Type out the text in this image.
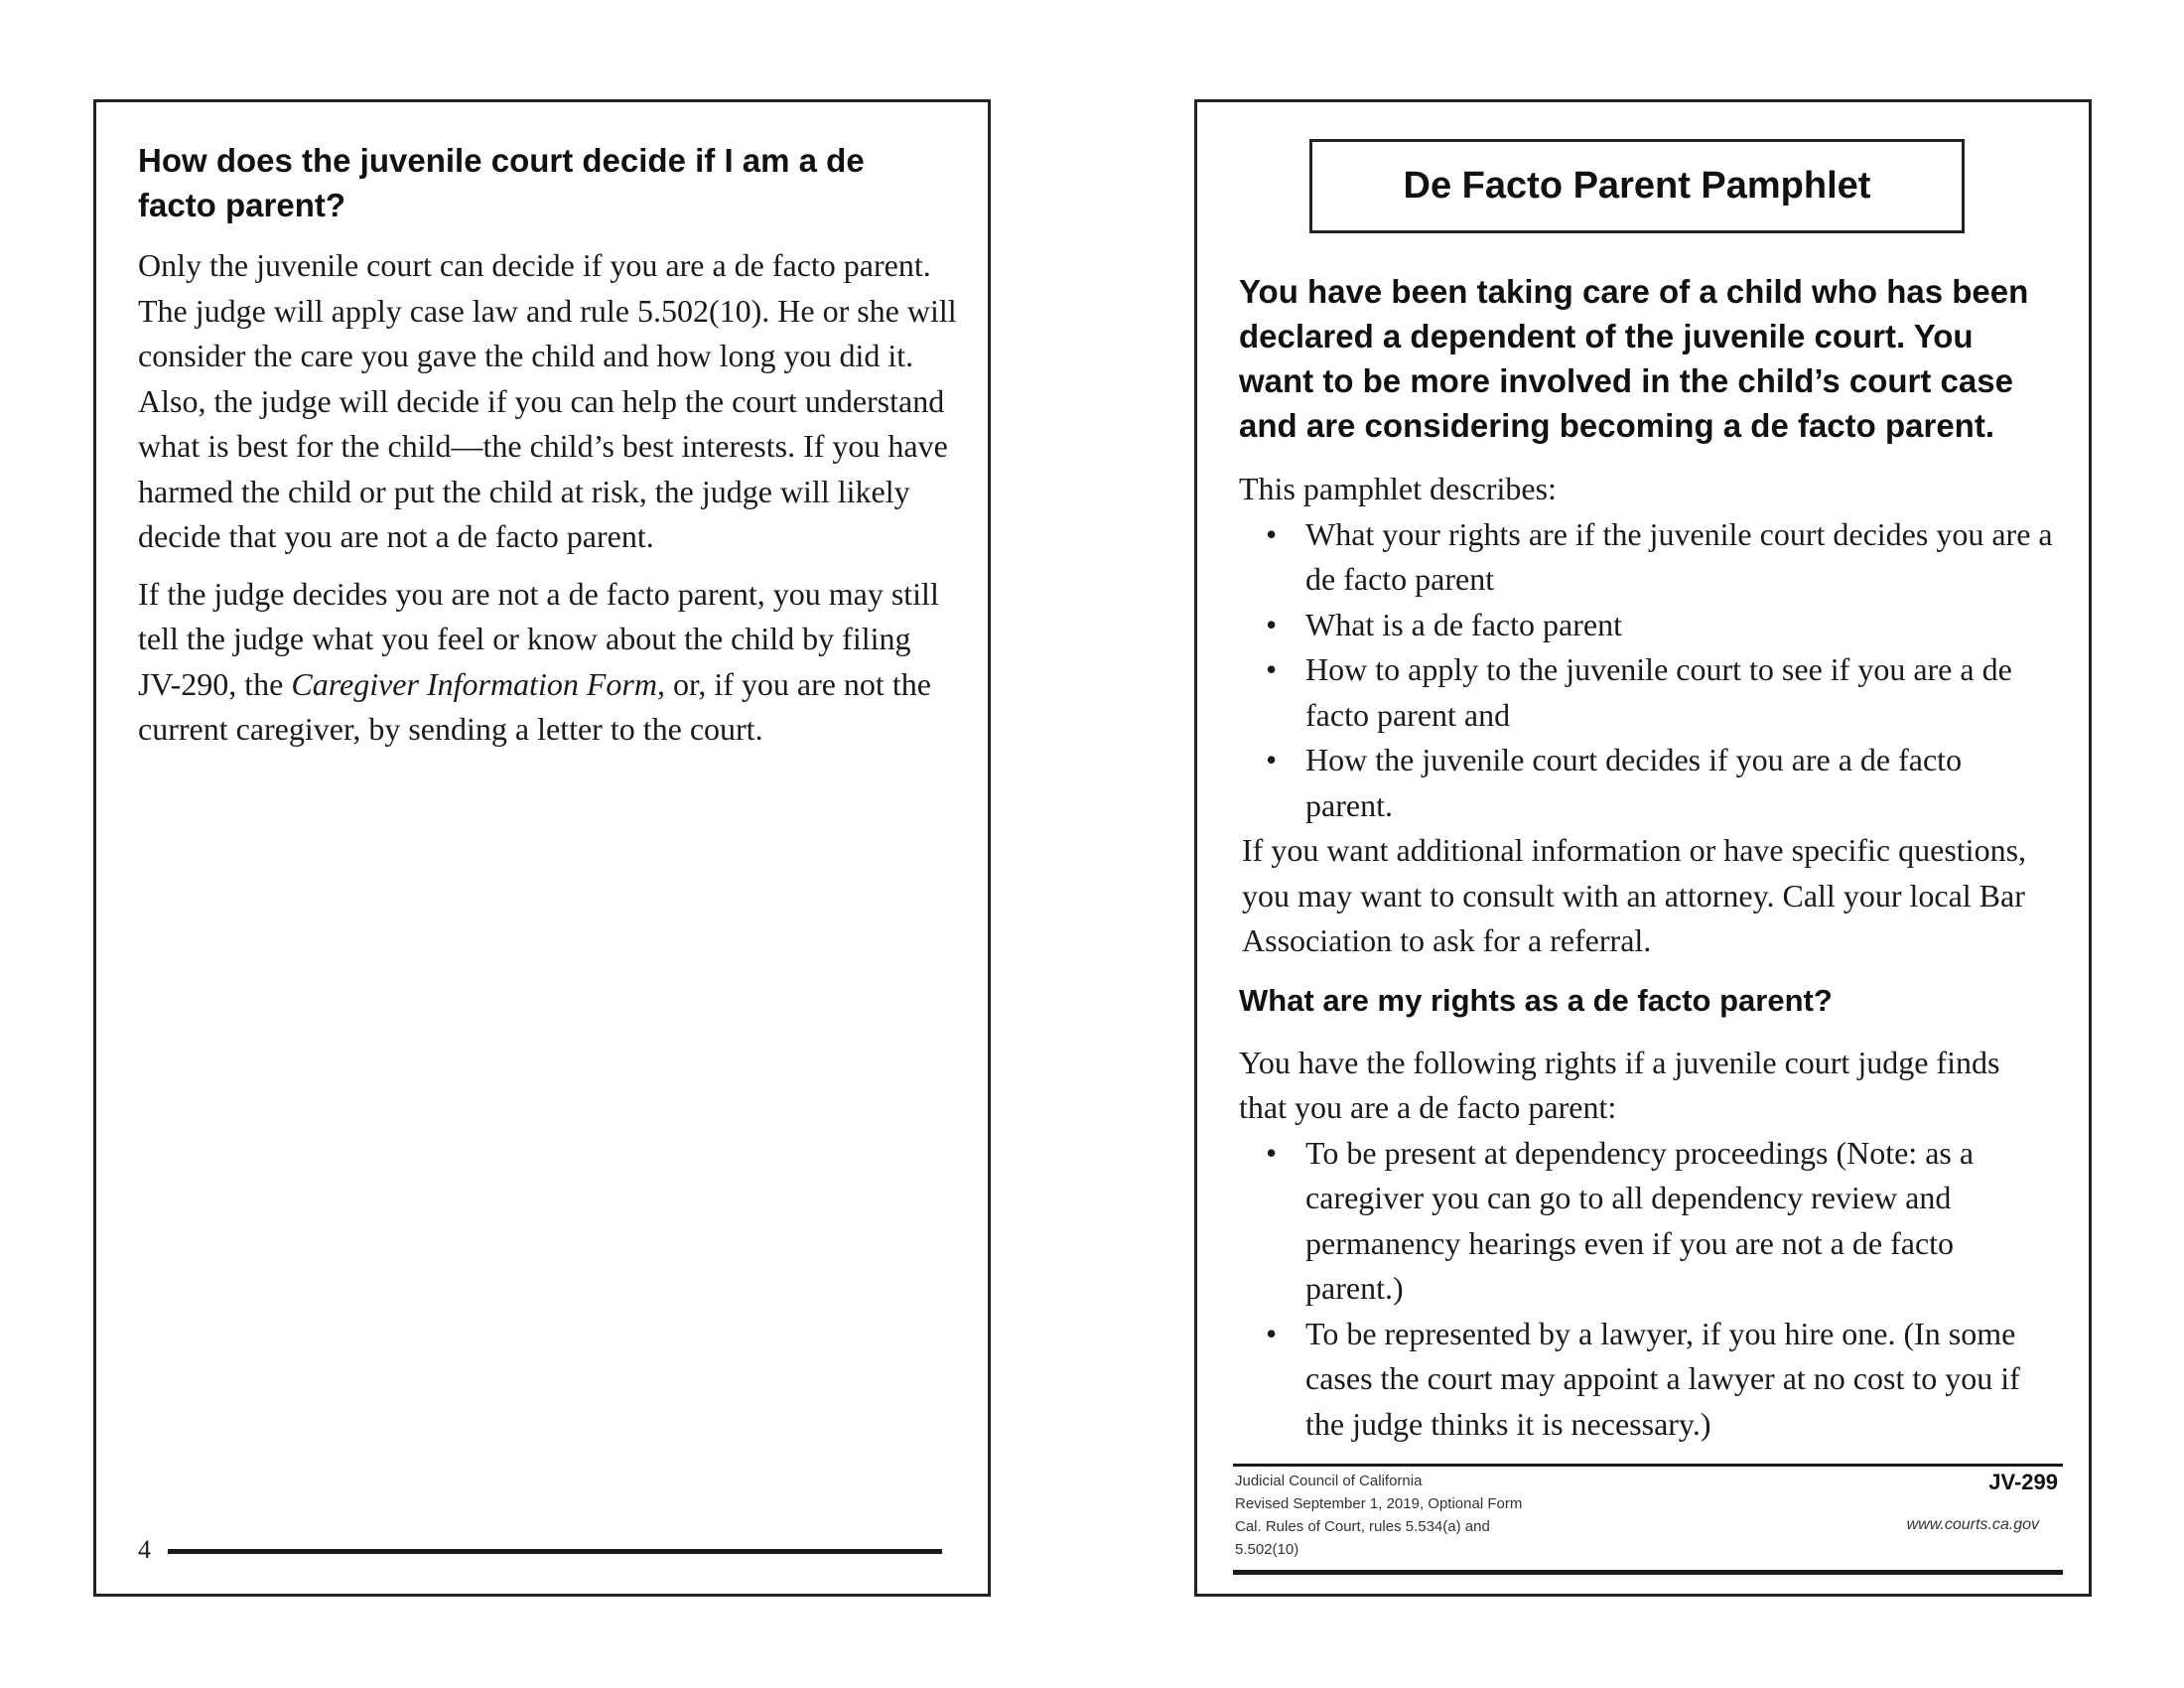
How does the juvenile court decide if I am a de facto parent?

Only the juvenile court can decide if you are a de facto parent. The judge will apply case law and rule 5.502(10). He or she will consider the care you gave the child and how long you did it. Also, the judge will decide if you can help the court understand what is best for the child—the child’s best interests. If you have harmed the child or put the child at risk, the judge will likely decide that you are not a de facto parent.

If the judge decides you are not a de facto parent, you may still tell the judge what you feel or know about the child by filing JV-290, the Caregiver Information Form, or, if you are not the current caregiver, by sending a letter to the court.

4
De Facto Parent Pamphlet

You have been taking care of a child who has been declared a dependent of the juvenile court. You want to be more involved in the child’s court case and are considering becoming a de facto parent.

This pamphlet describes:

• What your rights are if the juvenile court decides you are a de facto parent
• What is a de facto parent
• How to apply to the juvenile court to see if you are a de facto parent and
• How the juvenile court decides if you are a de facto parent.

If you want additional information or have specific questions, you may want to consult with an attorney. Call your local Bar Association to ask for a referral.

What are my rights as a de facto parent?

You have the following rights if a juvenile court judge finds that you are a de facto parent:

• To be present at dependency proceedings (Note: as a caregiver you can go to all dependency review and permanency hearings even if you are not a de facto parent.)
• To be represented by a lawyer, if you hire one. (In some cases the court may appoint a lawyer at no cost to you if the judge thinks it is necessary.)
Judicial Council of California
Revised September 1, 2019, Optional Form
Cal. Rules of Court, rules 5.534(a) and
5.502(10)
JV-299
www.courts.ca.gov
